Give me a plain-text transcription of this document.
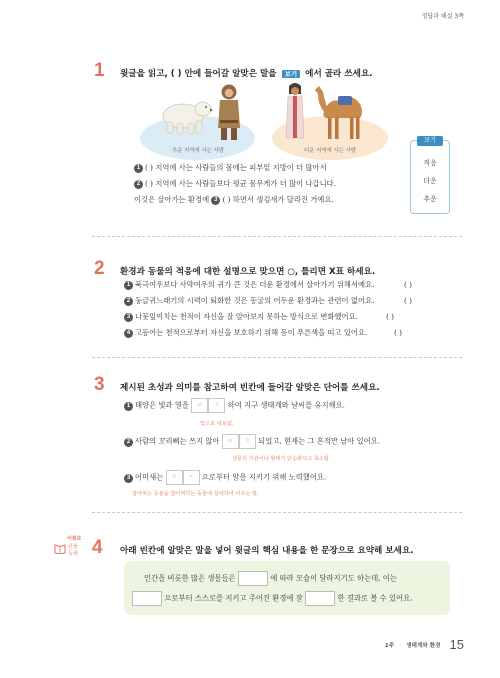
정답과 해설 3쪽
1 윗글을 읽고, ( ) 안에 들어갈 알맞은 말을 보기 에서 골라 쓰세요.
추운 지역에 사는 사람	더운 지역에 사는 사람
1 ( ) 지역에 사는 사람들의 몸에는 피부밑 지방이 더 많아서
2 ( ) 지역에 사는 사람들보다 평균 몸무게가 더 많이 나갑니다.
이것은 살아가는 환경에 3 ( ) 하면서 생김새가 달라진 거예요.
보기
적응
더운
추운
2 환경과 동물의 적응에 대한 설명으로 맞으면 ○, 틀리면 X표 하세요.
1 북극여우보다 사막여우의 귀가 큰 것은 더운 환경에서 살아가기 위해서예요.	( )
2 둥글귀느래기의 시력이 퇴화한 것은 동굴의 어두운 환경과는 관련이 없어요.	( )
3 나뭇잎여치는 천적이 자신을 잘 알아보지 못하는 방식으로 변화했어요.	( )
4 고등어는 천적으로부터 자신을 보호하기 위해 등이 푸른색을 띠고 있어요.	( )
3 제시된 초성과 의미를 참고하여 빈칸에 들어갈 알맞은 단어를 쓰세요.
1 태양은 빛과 열을 ㅂ ㅊ 하여 지구 생태계와 날씨를 유지해요.
빛으로 내보냄.
2 사람의 꼬리뼈는 쓰지 않아 ㅌ ㅎ 되었고, 현재는 그 흔적만 남아 있어요.
생물의 기관이나 형태가 단순화되고 축소됨.
3 어미새는 ㅊ ㅈ 으로부터 알을 지키기 위해 노력했어요.
잡아먹는 동물을 잡아먹히는 동물에 상대하여 이르는 말.
어휘로
한줄
독해 4 아래 빈칸에 알맞은 말을 넣어 윗글의 핵심 내용을 한 문장으로 요약해 보세요.
인간을 비롯한 많은 생물들은	에 따라 모습이 달라지기도 하는데, 이는
으로부터 스스로를 지키고 주어진 환경에 잘	한 결과로 볼 수 있어요.
1주 · 생태계와 환경 15
